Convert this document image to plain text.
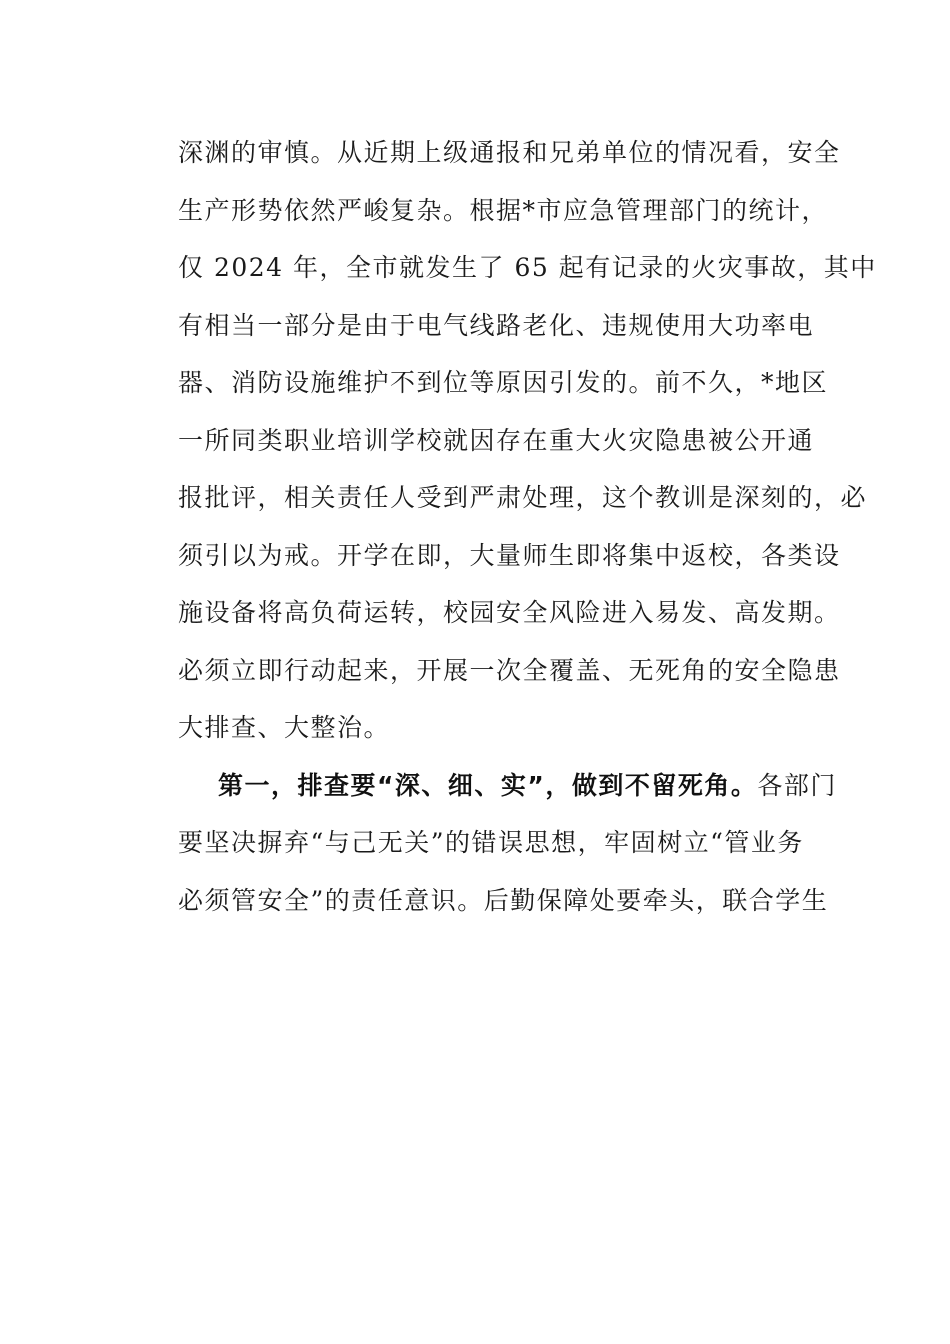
深渊的审慎。从近期上级通报和兄弟单位的情况看，安全
生产形势依然严峻复杂。根据*市应急管理部门的统计，
仅 2024 年，全市就发生了 65 起有记录的火灾事故，其中
有相当一部分是由于电气线路老化、违规使用大功率电
器、消防设施维护不到位等原因引发的。前不久，*地区
一所同类职业培训学校就因存在重大火灾隐患被公开通
报批评，相关责任人受到严肃处理，这个教训是深刻的，必
须引以为戒。开学在即，大量师生即将集中返校，各类设
施设备将高负荷运转，校园安全风险进入易发、高发期。
必须立即行动起来，开展一次全覆盖、无死角的安全隐患
大排查、大整治。
第一，排查要“深、细、实”，做到不留死角。各部门
要坚决摒弃“与己无关”的错误思想，牢固树立“管业务
必须管安全”的责任意识。后勤保障处要牵头，联合学生
